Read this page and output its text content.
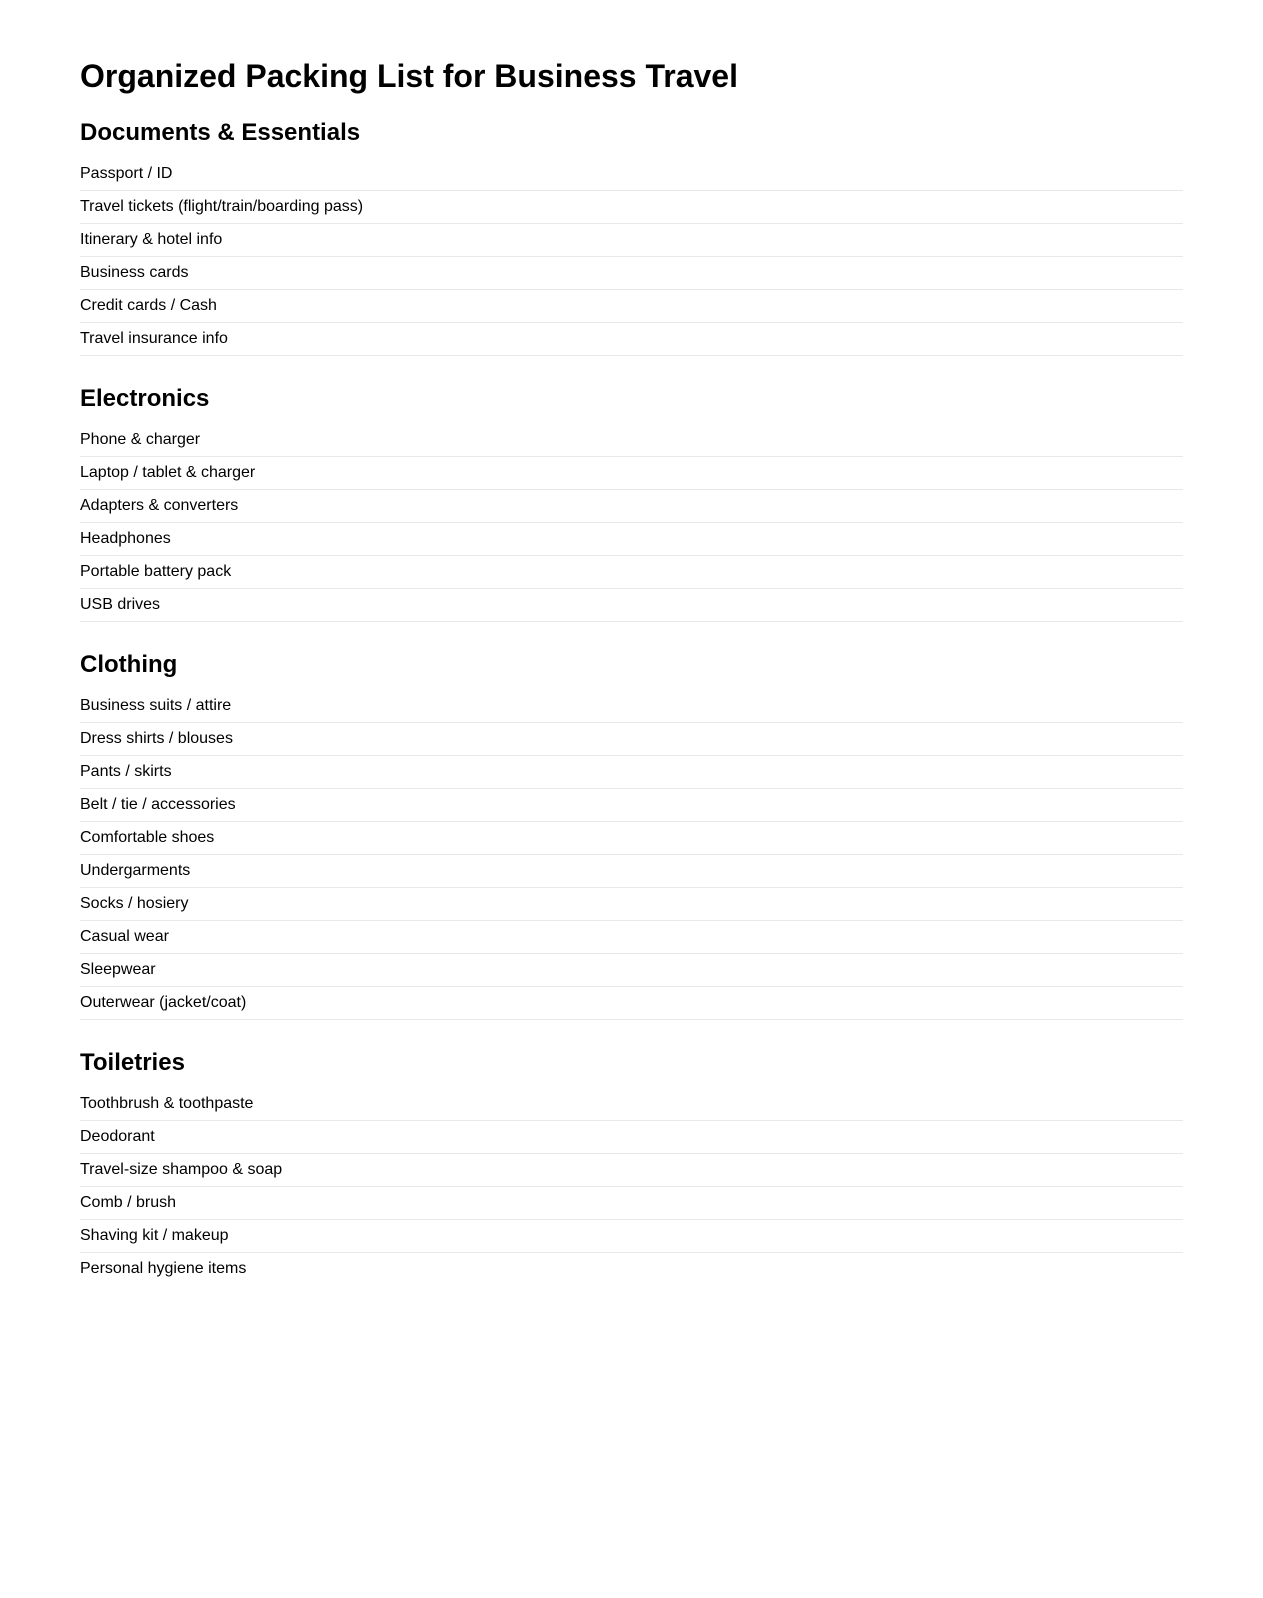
Organized Packing List for Business Travel
Documents & Essentials
Passport / ID
Travel tickets (flight/train/boarding pass)
Itinerary & hotel info
Business cards
Credit cards / Cash
Travel insurance info
Electronics
Phone & charger
Laptop / tablet & charger
Adapters & converters
Headphones
Portable battery pack
USB drives
Clothing
Business suits / attire
Dress shirts / blouses
Pants / skirts
Belt / tie / accessories
Comfortable shoes
Undergarments
Socks / hosiery
Casual wear
Sleepwear
Outerwear (jacket/coat)
Toiletries
Toothbrush & toothpaste
Deodorant
Travel-size shampoo & soap
Comb / brush
Shaving kit / makeup
Personal hygiene items
